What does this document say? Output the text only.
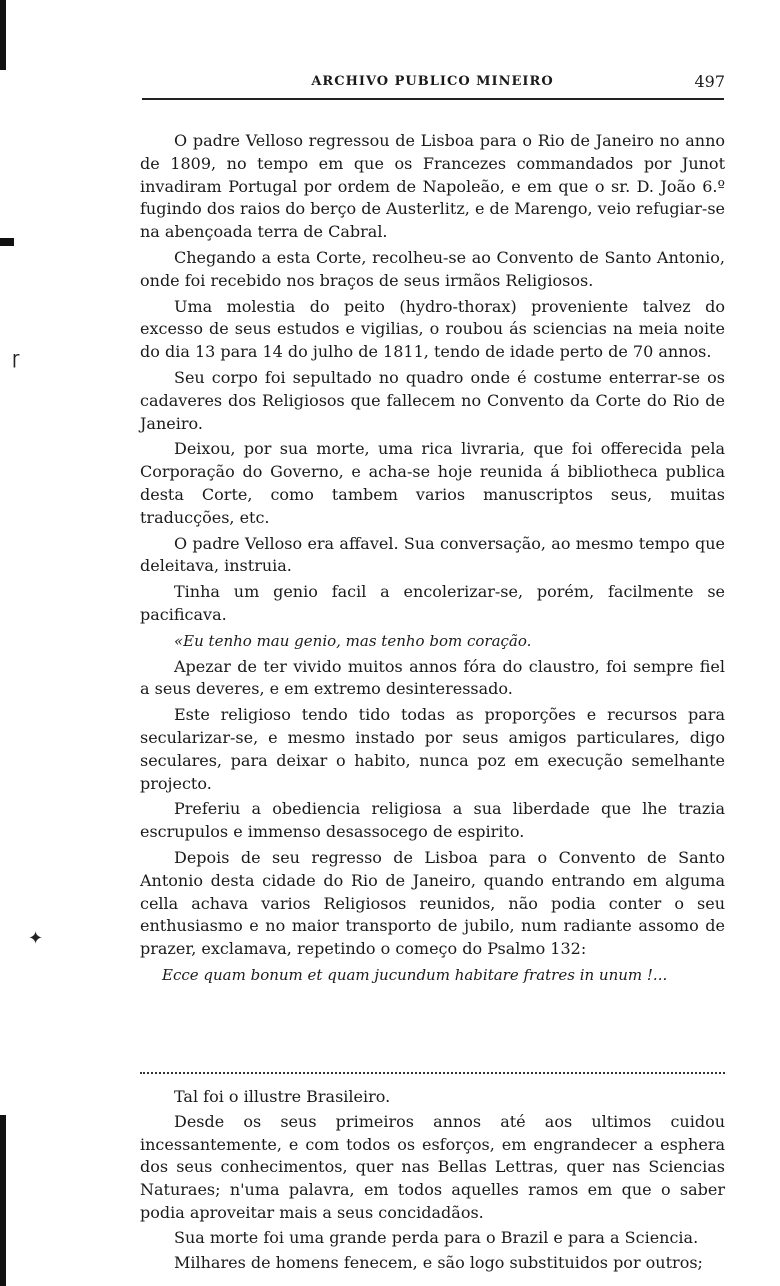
ɼ
✦
ARCHIVO PUBLICO MINEIRO	497

O padre Velloso regressou de Lisboa para o Rio de Janeiro no anno de 1809, no tempo em que os Francezes commandados por Junot invadiram Portugal por ordem de Napoleão, e em que o sr. D. João 6.º fugindo dos raios do berço de Austerlitz, e de Marengo, veio refugiar-se na abençoada terra de Cabral.

Chegando a esta Corte, recolheu-se ao Convento de Santo Antonio, onde foi recebido nos braços de seus irmãos Religiosos.

Uma molestia do peito (hydro-thorax) proveniente talvez do excesso de seus estudos e vigilias, o roubou ás sciencias na meia noite do dia 13 para 14 do julho de 1811, tendo de idade perto de 70 annos.

Seu corpo foi sepultado no quadro onde é costume enterrar-se os cadaveres dos Religiosos que fallecem no Convento da Corte do Rio de Janeiro.

Deixou, por sua morte, uma rica livraria, que foi offerecida pela Corporação do Governo, e acha-se hoje reunida á bibliotheca publica desta Corte, como tambem varios manuscriptos seus, muitas traducções, etc.

O padre Velloso era affavel. Sua conversação, ao mesmo tempo que deleitava, instruia.

Tinha um genio facil a encolerizar-se, porém, facilmente se pacificava.

«Eu tenho mau genio, mas tenho bom coração.

Apezar de ter vivido muitos annos fóra do claustro, foi sempre fiel a seus deveres, e em extremo desinteressado.

Este religioso tendo tido todas as proporções e recursos para secularizar-se, e mesmo instado por seus amigos particulares, digo seculares, para deixar o habito, nunca poz em execução semelhante projecto.

Preferiu a obediencia religiosa a sua liberdade que lhe trazia escrupulos e immenso desassocego de espirito.

Depois de seu regresso de Lisboa para o Convento de Santo Antonio desta cidade do Rio de Janeiro, quando entrando em alguma cella achava varios Religiosos reunidos, não podia conter o seu enthusiasmo e no maior transporto de jubilo, num radiante assomo de prazer, exclamava, repetindo o começo do Psalmo 132:

Ecce quam bonum et quam jucundum habitare fratres in unum !...

Tal foi o illustre Brasileiro.

Desde os seus primeiros annos até aos ultimos cuidou incessantemente, e com todos os esforços, em engrandecer a esphera dos seus conhecimentos, quer nas Bellas Lettras, quer nas Sciencias Naturaes; n'uma palavra, em todos aquelles ramos em que o saber podia aproveitar mais a seus concidadãos.

Sua morte foi uma grande perda para o Brazil e para a Sciencia.

Milhares de homens fenecem, e são logo substituidos por outros;
